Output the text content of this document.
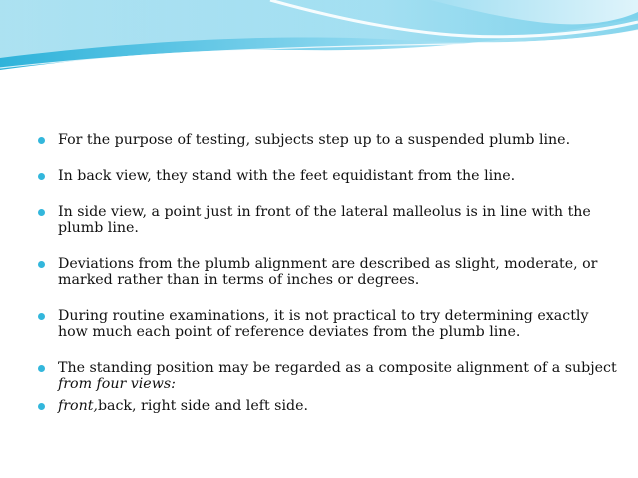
For the purpose of testing, subjects step up to a suspended plumb line.
In back view, they stand with the feet equidistant from the line.
In side view, a point just in front of the lateral malleolus is in line with the plumb line.
Deviations from the plumb alignment are described as slight, moderate, or marked rather than in terms of inches or degrees.
During routine examinations, it is not practical to try determining exactly how much each point of reference deviates from the plumb line.
The standing position may be regarded as a composite alignment of a subject from four views:
front,back, right side and left side.
